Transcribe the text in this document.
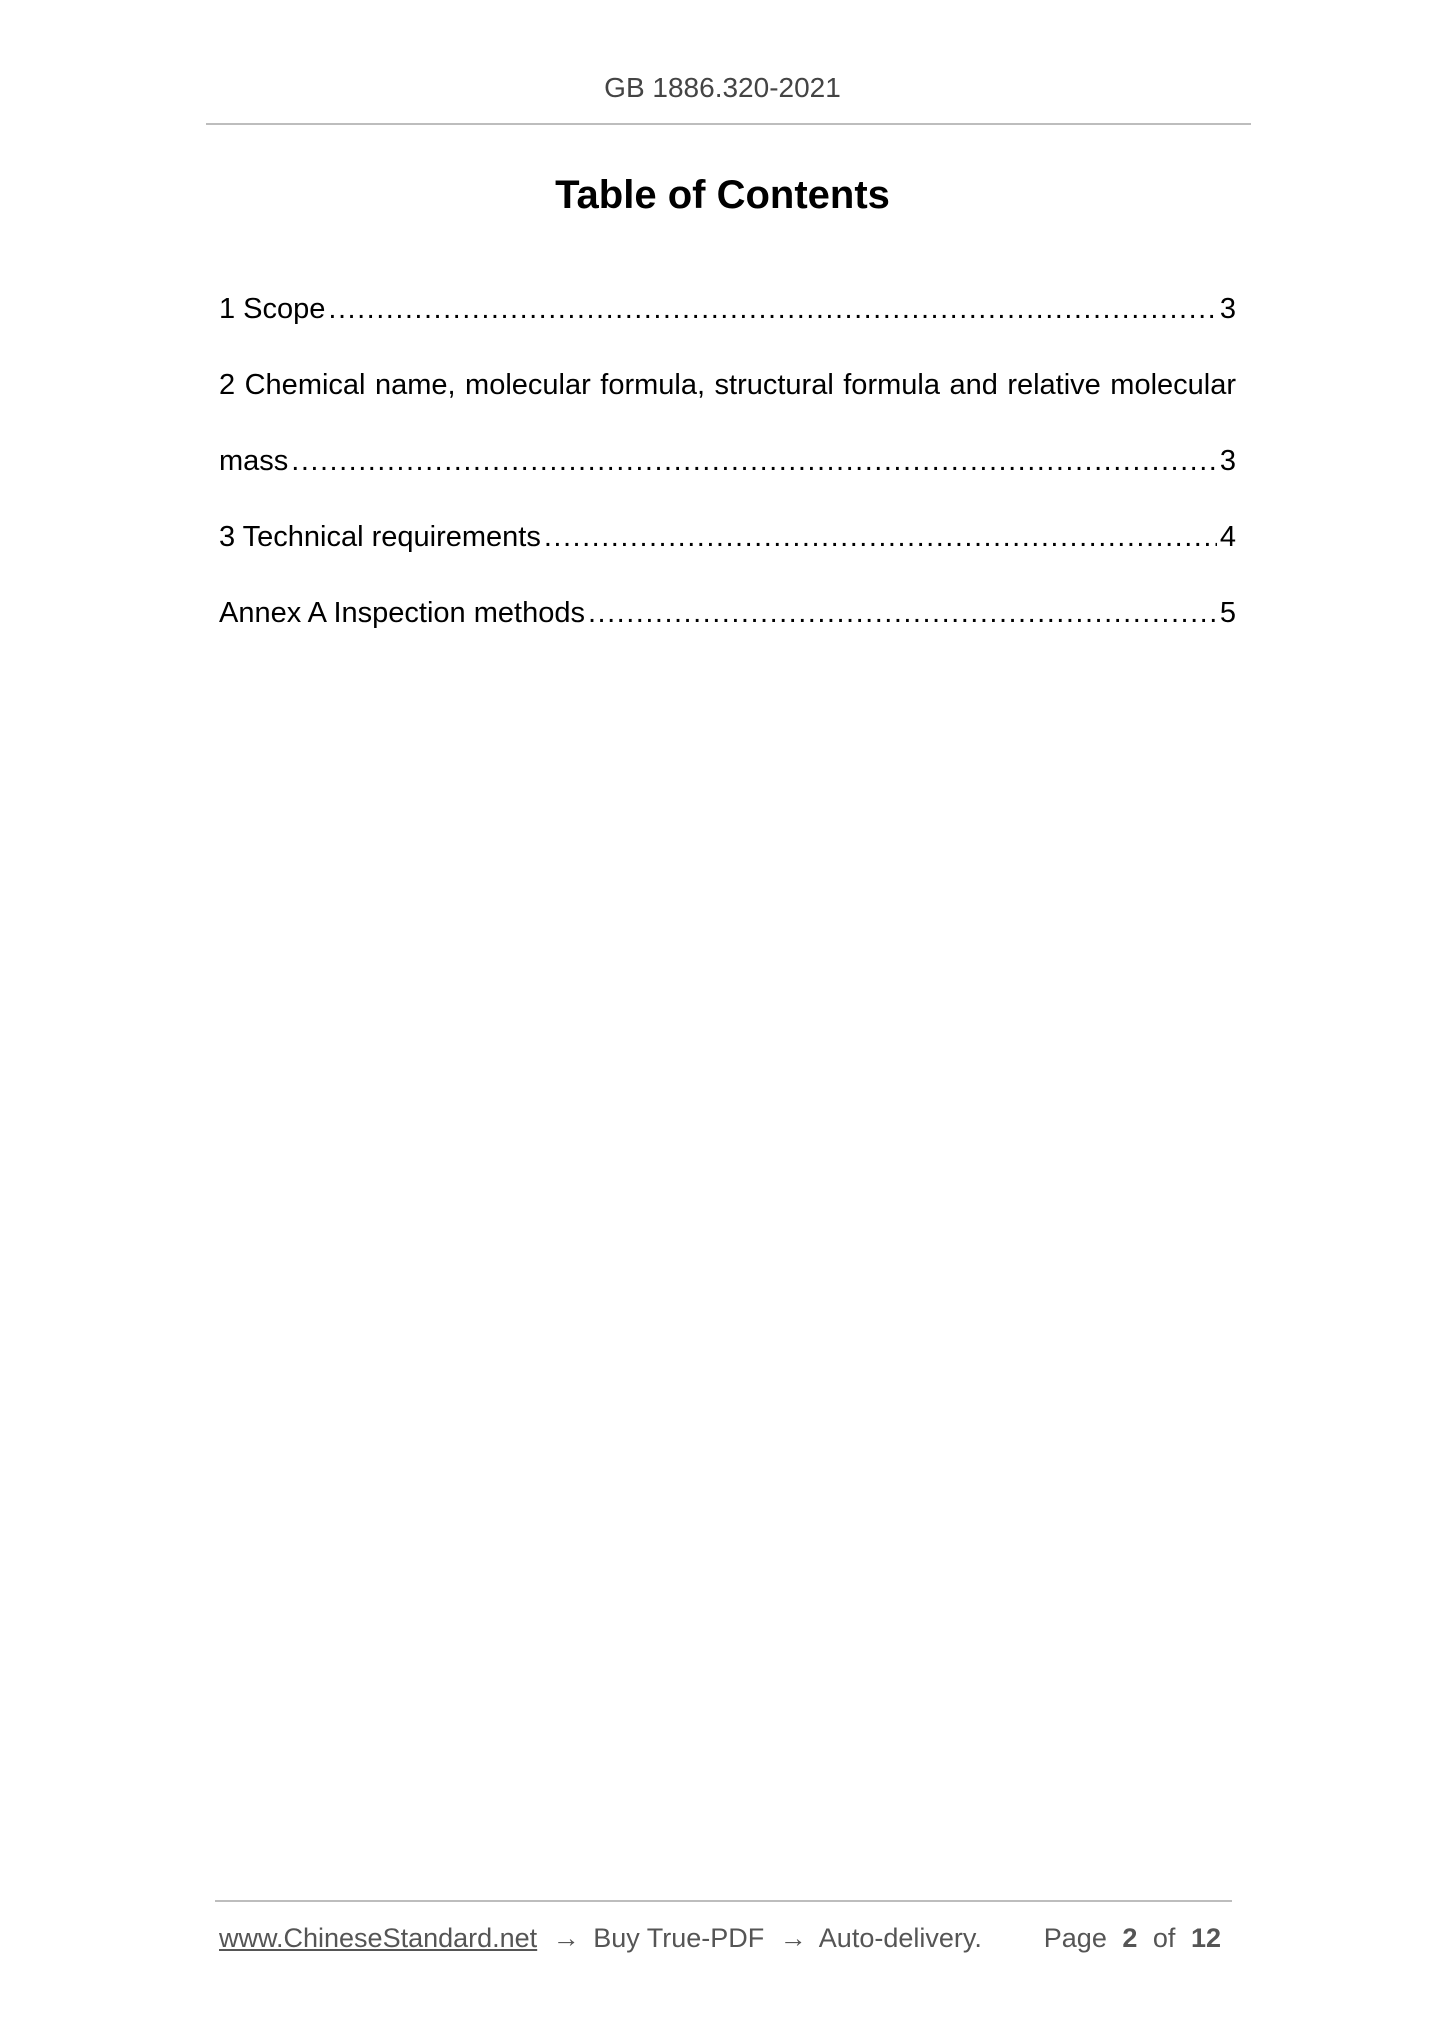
GB 1886.320-2021
Table of Contents
1 Scope .....	3
2 Chemical name, molecular formula, structural formula and relative molecular
mass .....	3
3 Technical requirements .....	4
Annex A Inspection methods .....	5
www.ChineseStandard.net → Buy True-PDF → Auto-delivery. Page 2 of 12
